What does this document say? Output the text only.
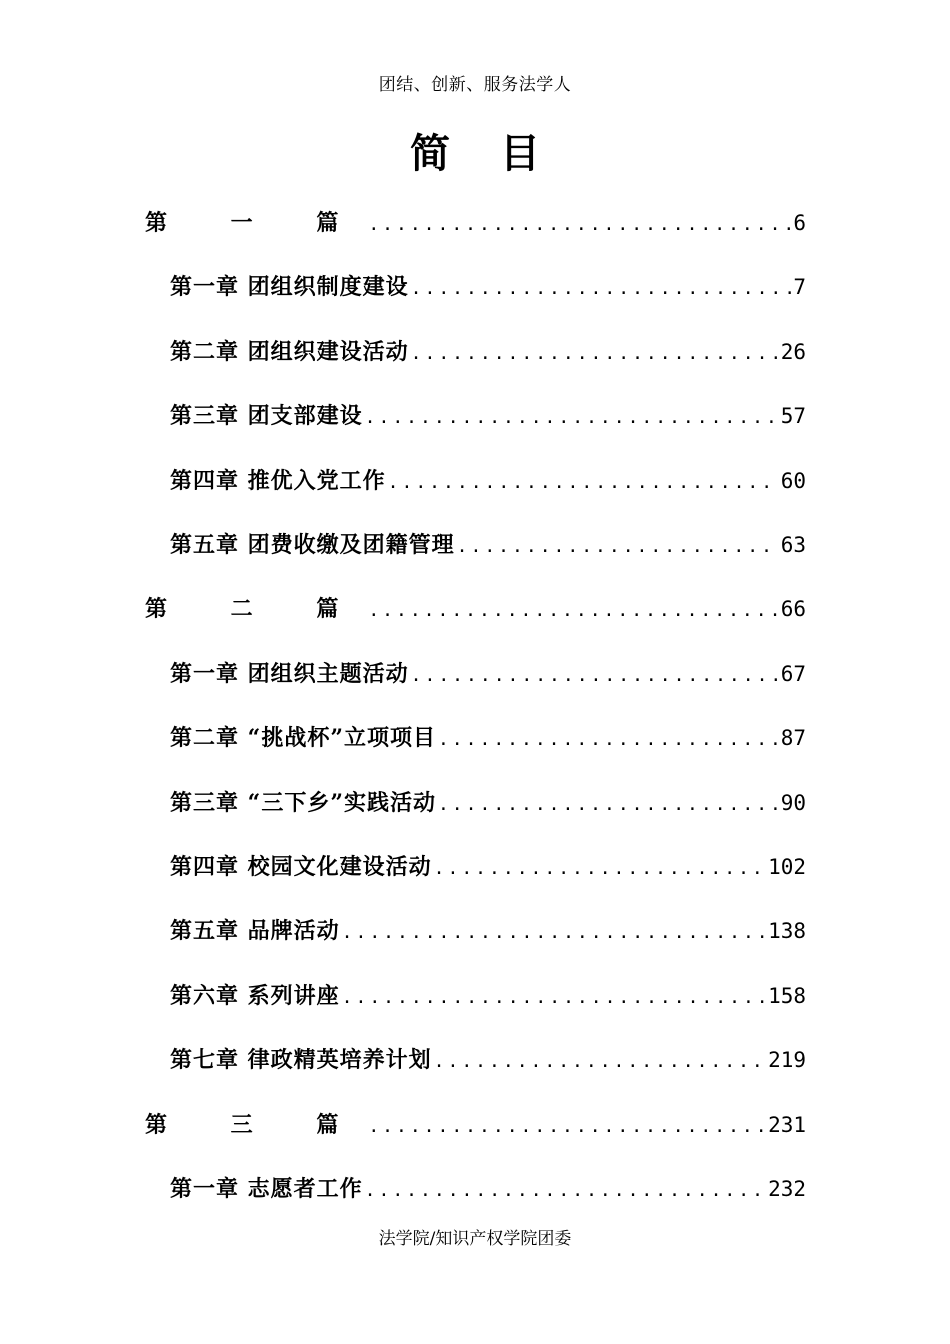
团结、创新、服务法学人
简 目
第 一 篇 .....	6
第一章 团组织制度建设 .....	7
第二章 团组织建设活动 .....	26
第三章 团支部建设 .....	57
第四章 推优入党工作 .....	60
第五章 团费收缴及团籍管理 .....	63
第 二 篇 .....	66
第一章 团组织主题活动 .....	67
第二章 “挑战杯”立项项目 .....	87
第三章 “三下乡”实践活动 .....	90
第四章 校园文化建设活动 .....	102
第五章 品牌活动 .....	138
第六章 系列讲座 .....	158
第七章 律政精英培养计划 .....	219
第 三 篇 .....	231
第一章 志愿者工作 .....	232
法学院/知识产权学院团委
